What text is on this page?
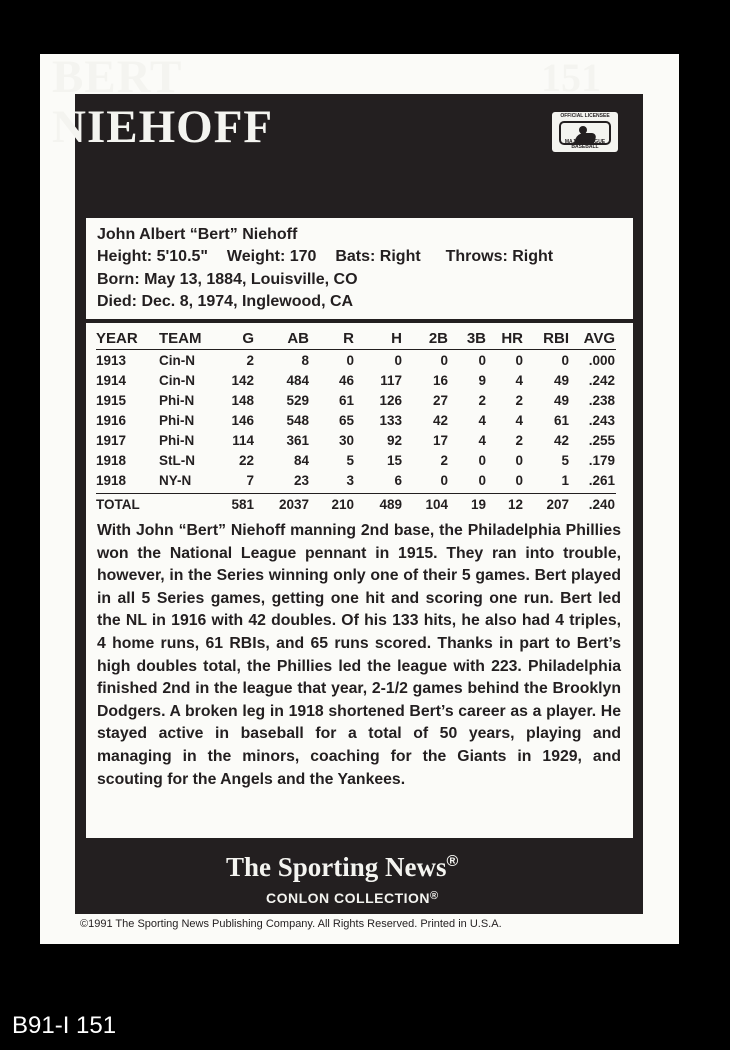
BERT
NIEHOFF
151
OFFICIAL LICENSEE
MAJOR LEAGUE BASEBALL
John Albert “Bert” Niehoff
Height: 5'10.5" Weight: 170 Bats: Right Throws: Right
Born: May 13, 1884, Louisville, CO
Died: Dec. 8, 1974, Inglewood, CA
YEAR TEAM	G AB R H 2B 3B HR RBI AVG
1913 Cin-N	2	8	0	0	0 0 0	0 .000
1914 Cin-N	142 484 46 117 16 9 4 49 .242
1915 Phi-N	148 529 61 126 27 2 2 49 .238
1916 Phi-N	146 548 65 133 42 4 4 61 .243
1917 Phi-N	114 361 30 92 17 4 2 42 .255
1918 StL-N	22	84	5 15	2 0 0	5 .179
1918 NY-N	7	23	3	6	0 0 0	1 .261
TOTAL	581 2037 210 489 104 19 12 207 .240
With John “Bert” Niehoff manning 2nd base, the Philadelphia Phillies won the National League pennant in 1915. They ran into trouble, however, in the Series winning only one of their 5 games. Bert played in all 5 Series games, getting one hit and scoring one run. Bert led the NL in 1916 with 42 doubles. Of his 133 hits, he also had 4 triples, 4 home runs, 61 RBIs, and 65 runs scored. Thanks in part to Bert’s high doubles total, the Phillies led the league with 223. Philadelphia finished 2nd in the league that year, 2-1/2 games behind the Brooklyn Dodgers. A broken leg in 1918 shortened Bert’s career as a player. He stayed active in baseball for a total of 50 years, playing and managing in the minors, coaching for the Giants in 1929, and scouting for the Angels and the Yankees.
The Sporting News®
CONLON COLLECTION®
©1991 The Sporting News Publishing Company. All Rights Reserved. Printed in U.S.A.
B91-I 151
